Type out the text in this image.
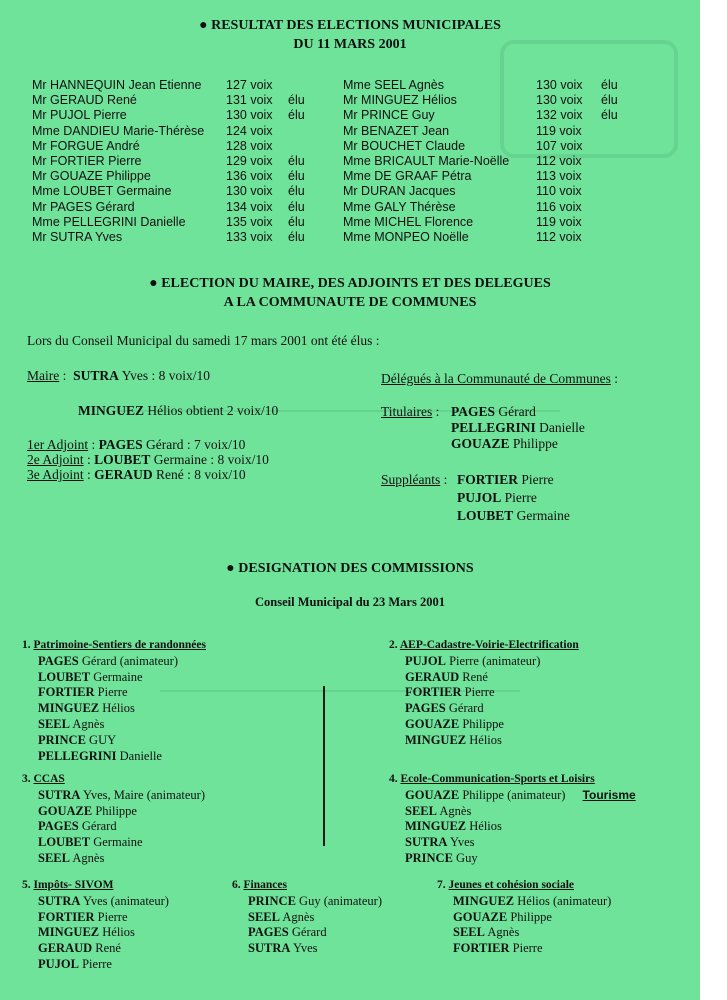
● RESULTAT DES ELECTIONS MUNICIPALES
DU 11 MARS 2001
Mr HANNEQUIN Jean Etienne 127 voix
Mr GERAUD René	131 voix élu
Mr PUJOL Pierre	130 voix élu
Mme DANDIEU Marie-Thérèse 124 voix
Mr FORGUE André	128 voix
Mr FORTIER Pierre	129 voix élu
Mr GOUAZE Philippe	136 voix élu
Mme LOUBET Germaine	130 voix élu
Mr PAGES Gérard	134 voix élu
Mme PELLEGRINI Danielle	135 voix élu
Mr SUTRA Yves	133 voix élu
Mme SEEL Agnès	130 voix élu
Mr MINGUEZ Hélios	130 voix élu
Mr PRINCE Guy	132 voix élu
Mr BENAZET Jean	119 voix
Mr BOUCHET Claude	107 voix
Mme BRICAULT Marie-Noëlle 112 voix
Mme DE GRAAF Pétra	113 voix
Mr DURAN Jacques	110 voix
Mme GALY Thérèse	116 voix
Mme MICHEL Florence	119 voix
Mme MONPEO Noëlle	112 voix
● ELECTION DU MAIRE, DES ADJOINTS ET DES DELEGUES
A LA COMMUNAUTE DE COMMUNES
Lors du Conseil Municipal du samedi 17 mars 2001 ont été élus :
Maire : SUTRA Yves : 8 voix/10
MINGUEZ Hélios obtient 2 voix/10
1er Adjoint : PAGES Gérard : 7 voix/10
2e Adjoint : LOUBET Germaine : 8 voix/10
3e Adjoint : GERAUD René : 8 voix/10
Délégués à la Communauté de Communes :
Titulaires : PAGES Gérard
PELLEGRINI Danielle
GOUAZE Philippe
Suppléants : FORTIER Pierre
PUJOL Pierre
LOUBET Germaine
● DESIGNATION DES COMMISSIONS
Conseil Municipal du 23 Mars 2001
1. Patrimoine-Sentiers de randonnées
PAGES Gérard (animateur)
LOUBET Germaine
FORTIER Pierre
MINGUEZ Hélios
SEEL Agnès
PRINCE GUY
PELLEGRINI Danielle
2. AEP-Cadastre-Voirie-Electrification
PUJOL Pierre (animateur)
GERAUD René
FORTIER Pierre
PAGES Gérard
GOUAZE Philippe
MINGUEZ Hélios
3. CCAS
SUTRA Yves, Maire (animateur)
GOUAZE Philippe
PAGES Gérard
LOUBET Germaine
SEEL Agnès
4. Ecole-Communication-Sports et Loisirs
GOUAZE Philippe (animateur) Tourisme
SEEL Agnès
MINGUEZ Hélios
SUTRA Yves
PRINCE Guy
5. Impôts- SIVOM
SUTRA Yves (animateur)
FORTIER Pierre
MINGUEZ Hélios
GERAUD René
PUJOL Pierre
6. Finances
PRINCE Guy (animateur)
SEEL Agnès
PAGES Gérard
SUTRA Yves
7. Jeunes et cohésion sociale
MINGUEZ Hélios (animateur)
GOUAZE Philippe
SEEL Agnès
FORTIER Pierre
